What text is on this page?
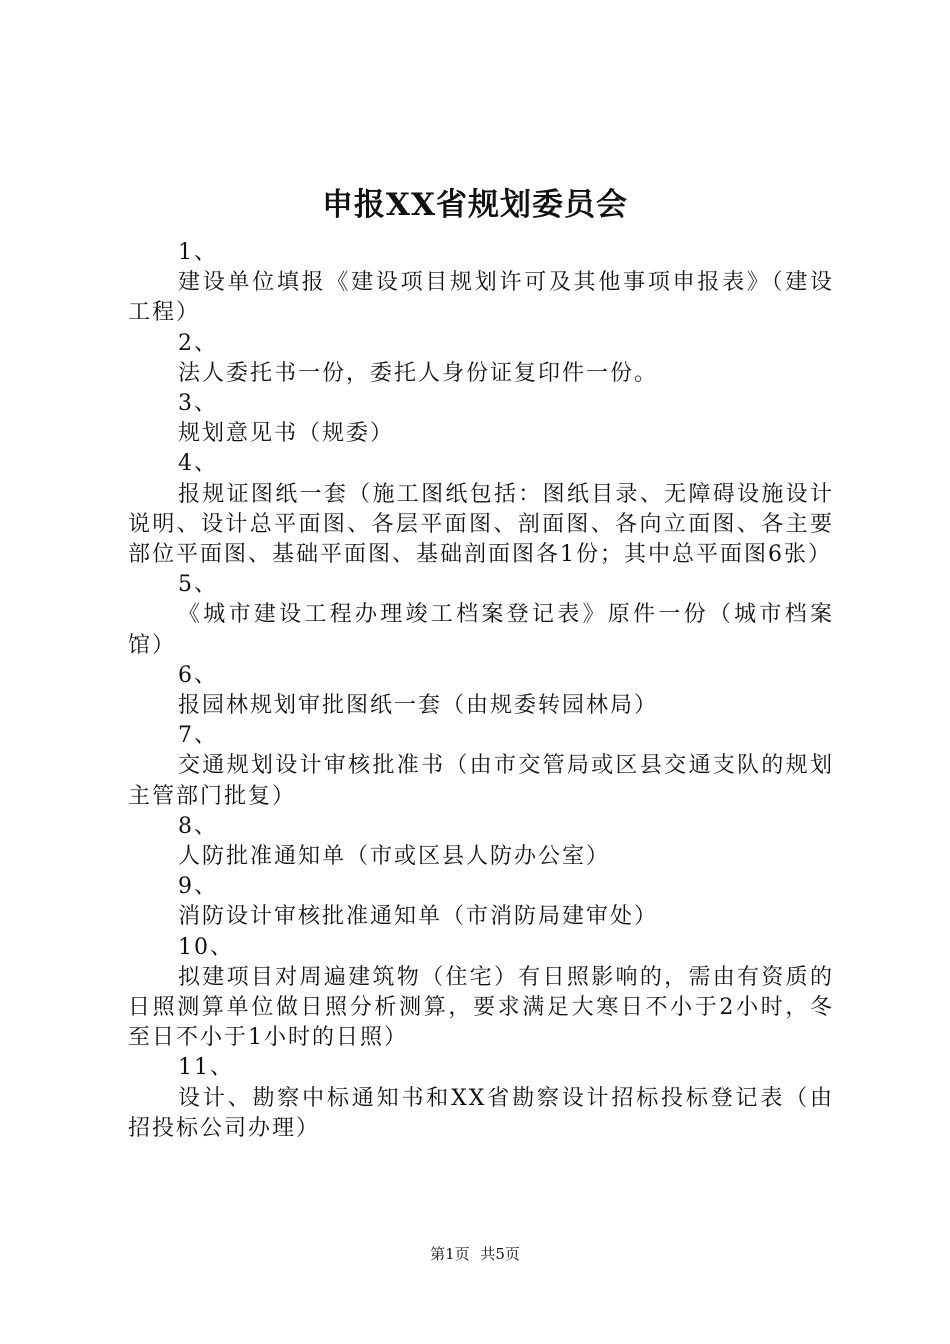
申报XX省规划委员会
1、
建设单位填报《建设项目规划许可及其他事项申报表》（建设工程）
2、
法人委托书一份，委托人身份证复印件一份。
3、
规划意见书（规委）
4、
报规证图纸一套（施工图纸包括：图纸目录、无障碍设施设计说明、设计总平面图、各层平面图、剖面图、各向立面图、各主要部位平面图、基础平面图、基础剖面图各1份；其中总平面图6张）
5、
《城市建设工程办理竣工档案登记表》原件一份（城市档案馆）
6、
报园林规划审批图纸一套（由规委转园林局）
7、
交通规划设计审核批准书（由市交管局或区县交通支队的规划主管部门批复）
8、
人防批准通知单（市或区县人防办公室）
9、
消防设计审核批准通知单（市消防局建审处）
10、
拟建项目对周遍建筑物（住宅）有日照影响的，需由有资质的日照测算单位做日照分析测算，要求满足大寒日不小于2小时，冬至日不小于1小时的日照）
11、
设计、勘察中标通知书和XX省勘察设计招标投标登记表（由招投标公司办理）
第1页 共5页
